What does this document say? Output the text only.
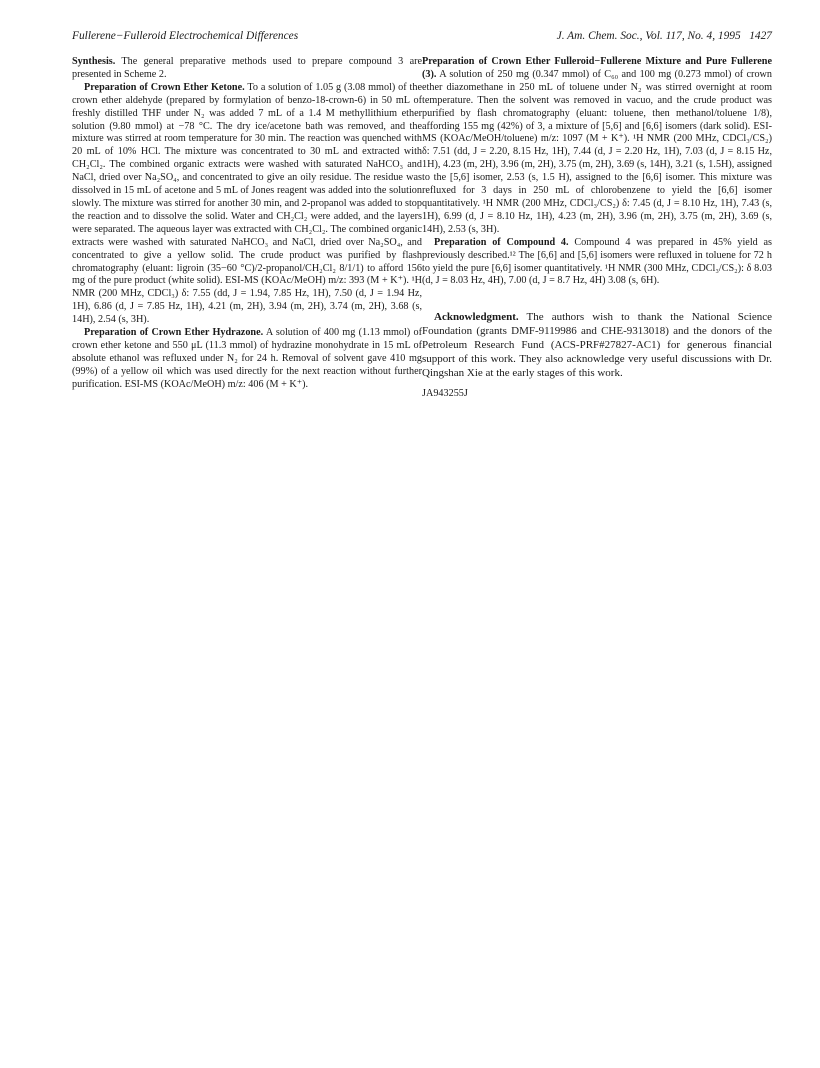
Fullerene−Fulleroid Electrochemical Differences	J. Am. Chem. Soc., Vol. 117, No. 4, 1995 1427

Synthesis. The general preparative methods used to prepare compound 3 are presented in Scheme 2.

Preparation of Crown Ether Ketone. To a solution of 1.05 g (3.08 mmol) of the crown ether aldehyde (prepared by formylation of benzo-18-crown-6) in 50 mL of freshly distilled THF under N₂ was added 7 mL of a 1.4 M methyllithium ether solution (9.80 mmol) at −78 °C. The dry ice/acetone bath was removed, and the mixture was stirred at room temperature for 30 min. The reaction was quenched with 20 mL of 10% HCl. The mixture was concentrated to 30 mL and extracted with CH₂Cl₂. The combined organic extracts were washed with saturated NaHCO₃ and NaCl, dried over Na₂SO₄, and concentrated to give an oily residue. The residue was dissolved in 15 mL of acetone and 5 mL of Jones reagent was added into the solution slowly. The mixture was stirred for another 30 min, and 2-propanol was added to stop the reaction and to dissolve the solid. Water and CH₂Cl₂ were added, and the layers were separated. The aqueous layer was extracted with CH₂Cl₂. The combined organic extracts were washed with saturated NaHCO₃ and NaCl, dried over Na₂SO₄, and concentrated to give a yellow solid. The crude product was purified by flash chromatography (eluant: ligroin (35−60 °C)/2-propanol/CH₂Cl₂ 8/1/1) to afford 156 mg of the pure product (white solid). ESI-MS (KOAc/MeOH) m/z: 393 (M + K⁺). ¹H NMR (200 MHz, CDCl₃) δ: 7.55 (dd, J = 1.94, 7.85 Hz, 1H), 7.50 (d, J = 1.94 Hz, 1H), 6.86 (d, J = 7.85 Hz, 1H), 4.21 (m, 2H), 3.94 (m, 2H), 3.74 (m, 2H), 3.68 (s, 14H), 2.54 (s, 3H).

Preparation of Crown Ether Hydrazone. A solution of 400 mg (1.13 mmol) of crown ether ketone and 550 μL (11.3 mmol) of hydrazine monohydrate in 15 mL of absolute ethanol was refluxed under N₂ for 24 h. Removal of solvent gave 410 mg (99%) of a yellow oil which was used directly for the next reaction without further purification. ESI-MS (KOAc/MeOH) m/z: 406 (M + K⁺).

Preparation of Crown Ether Fulleroid−Fullerene Mixture and Pure Fullerene (3). A solution of 250 mg (0.347 mmol) of C₆₀ and 100 mg (0.273 mmol) of crown ether diazomethane in 250 mL of toluene under N₂ was stirred overnight at room temperature. Then the solvent was removed in vacuo, and the crude product was purified by flash chromatography (eluant: toluene, then methanol/toluene 1/8), affording 155 mg (42%) of 3, a mixture of [5,6] and [6,6] isomers (dark solid). ESI-MS (KOAc/MeOH/toluene) m/z: 1097 (M + K⁺). ¹H NMR (200 MHz, CDCl₃/CS₂) δ: 7.51 (dd, J = 2.20, 8.15 Hz, 1H), 7.44 (d, J = 2.20 Hz, 1H), 7.03 (d, J = 8.15 Hz, 1H), 4.23 (m, 2H), 3.96 (m, 2H), 3.75 (m, 2H), 3.69 (s, 14H), 3.21 (s, 1.5H), assigned to the [5,6] isomer, 2.53 (s, 1.5 H), assigned to the [6,6] isomer. This mixture was refluxed for 3 days in 250 mL of chlorobenzene to yield the [6,6] isomer quantitatively. ¹H NMR (200 MHz, CDCl₃/CS₂) δ: 7.45 (d, J = 8.10 Hz, 1H), 7.43 (s, 1H), 6.99 (d, J = 8.10 Hz, 1H), 4.23 (m, 2H), 3.96 (m, 2H), 3.75 (m, 2H), 3.69 (s, 14H), 2.53 (s, 3H).

Preparation of Compound 4. Compound 4 was prepared in 45% yield as previously described.¹² The [6,6] and [5,6] isomers were refluxed in toluene for 72 h to yield the pure [6,6] isomer quantitatively. ¹H NMR (300 MHz, CDCl₃/CS₂): δ 8.03 (d, J = 8.03 Hz, 4H), 7.00 (d, J = 8.7 Hz, 4H) 3.08 (s, 6H).

Acknowledgment. The authors wish to thank the National Science Foundation (grants DMF-9119986 and CHE-9313018) and the donors of the Petroleum Research Fund (ACS-PRF#27827-AC1) for generous financial support of this work. They also acknowledge very useful discussions with Dr. Qingshan Xie at the early stages of this work.

JA943255J
